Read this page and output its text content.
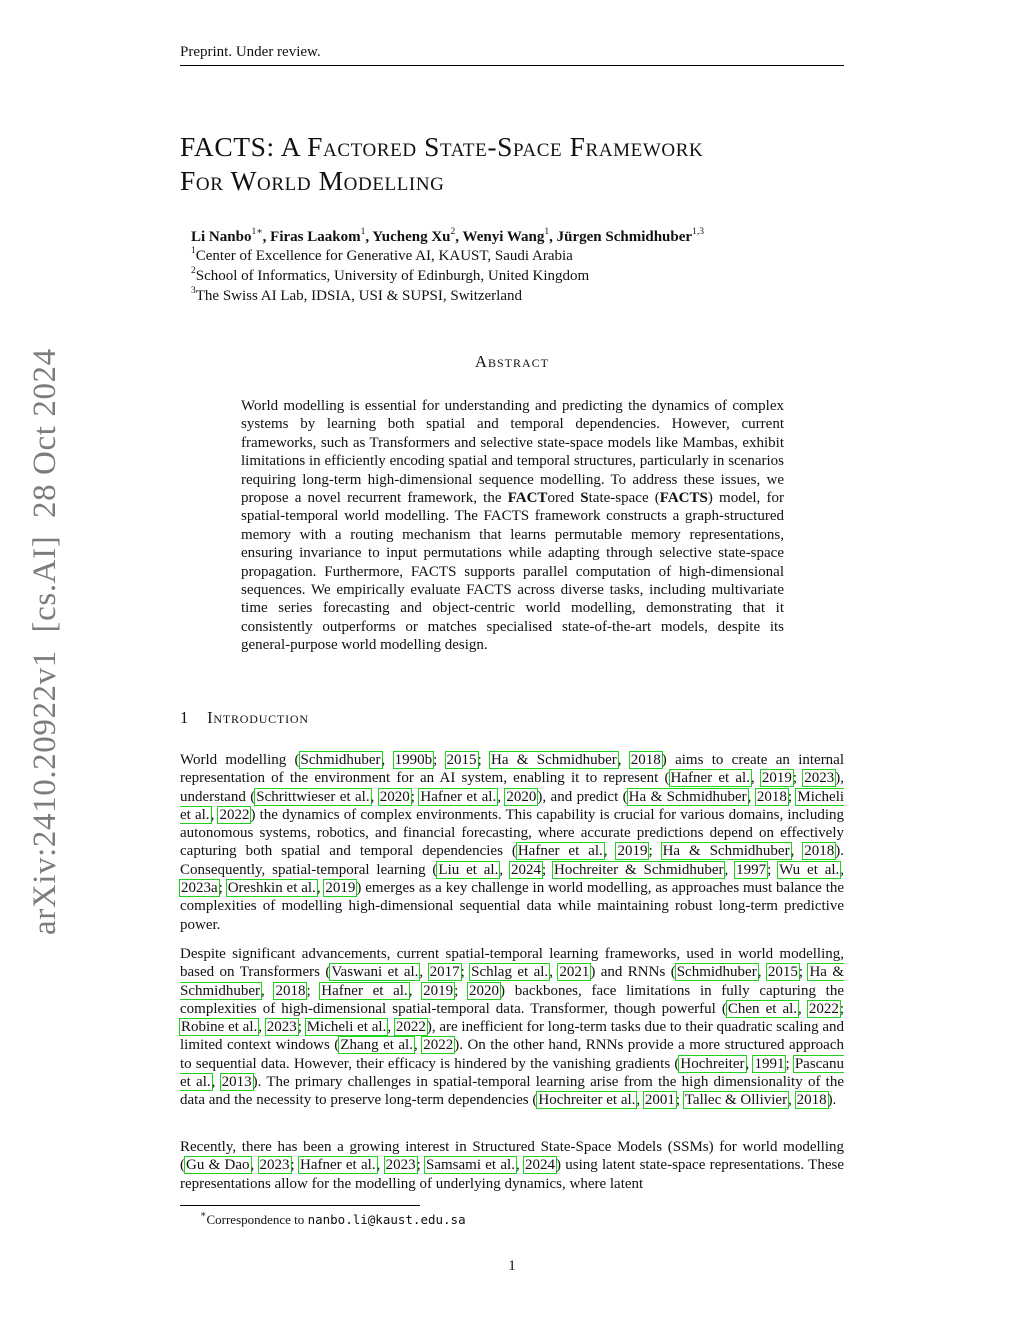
Preprint. Under review.
FACTS: A Factored State-Space Framework
For World Modelling
Li Nanbo$^{1∗}$, Firas Laakom$^1$, Yucheng Xu$^2$, Wenyi Wang$^1$, Jürgen Schmidhuber$^{1,3}$
$^1$Center of Excellence for Generative AI, KAUST, Saudi Arabia
$^2$School of Informatics, University of Edinburgh, United Kingdom
$^3$The Swiss AI Lab, IDSIA, USI & SUPSI, Switzerland
Abstract
World modelling is essential for understanding and predicting the dynamics of complex systems by learning both spatial and temporal dependencies. However, current frameworks, such as Transformers and selective state-space models like Mambas, exhibit limitations in efficiently encoding spatial and temporal structures, particularly in scenarios requiring long-term high-dimensional sequence modelling. To address these issues, we propose a novel recurrent framework, the FACTored State-space (FACTS) model, for spatial-temporal world modelling. The FACTS framework constructs a graph-structured memory with a routing mechanism that learns permutable memory representations, ensuring invariance to input permutations while adapting through selective state-space propagation. Furthermore, FACTS supports parallel computation of high-dimensional sequences. We empirically evaluate FACTS across diverse tasks, including multivariate time series forecasting and object-centric world modelling, demonstrating that it consistently outperforms or matches specialised state-of-the-art models, despite its general-purpose world modelling design.
1 Introduction
World modelling (Schmidhuber, 1990b; 2015; Ha & Schmidhuber, 2018) aims to create an internal representation of the environment for an AI system, enabling it to represent (Hafner et al., 2019; 2023), understand (Schrittwieser et al., 2020; Hafner et al., 2020), and predict (Ha & Schmidhuber, 2018; Micheli et al., 2022) the dynamics of complex environments. This capability is crucial for various domains, including autonomous systems, robotics, and financial forecasting, where accurate predictions depend on effectively capturing both spatial and temporal dependencies (Hafner et al., 2019; Ha & Schmidhuber, 2018). Consequently, spatial-temporal learning (Liu et al., 2024; Hochreiter & Schmidhuber, 1997; Wu et al., 2023a; Oreshkin et al., 2019) emerges as a key challenge in world modelling, as approaches must balance the complexities of modelling high-dimensional sequential data while maintaining robust long-term predictive power.
Despite significant advancements, current spatial-temporal learning frameworks, used in world modelling, based on Transformers (Vaswani et al., 2017; Schlag et al., 2021) and RNNs (Schmidhuber, 2015; Ha & Schmidhuber, 2018; Hafner et al., 2019; 2020) backbones, face limitations in fully capturing the complexities of high-dimensional spatial-temporal data. Transformer, though powerful (Chen et al., 2022; Robine et al., 2023; Micheli et al., 2022), are inefficient for long-term tasks due to their quadratic scaling and limited context windows (Zhang et al., 2022). On the other hand, RNNs provide a more structured approach to sequential data. However, their efficacy is hindered by the vanishing gradients (Hochreiter, 1991; Pascanu et al., 2013). The primary challenges in spatial-temporal learning arise from the high dimensionality of the data and the necessity to preserve long-term dependencies (Hochreiter et al., 2001; Tallec & Ollivier, 2018).
Recently, there has been a growing interest in Structured State-Space Models (SSMs) for world modelling (Gu & Dao, 2023; Hafner et al., 2023; Samsami et al., 2024) using latent state-space representations. These representations allow for the modelling of underlying dynamics, where latent
∗Correspondence to nanbo.li@kaust.edu.sa
1
arXiv:2410.20922v1  [cs.AI]  28 Oct 2024
